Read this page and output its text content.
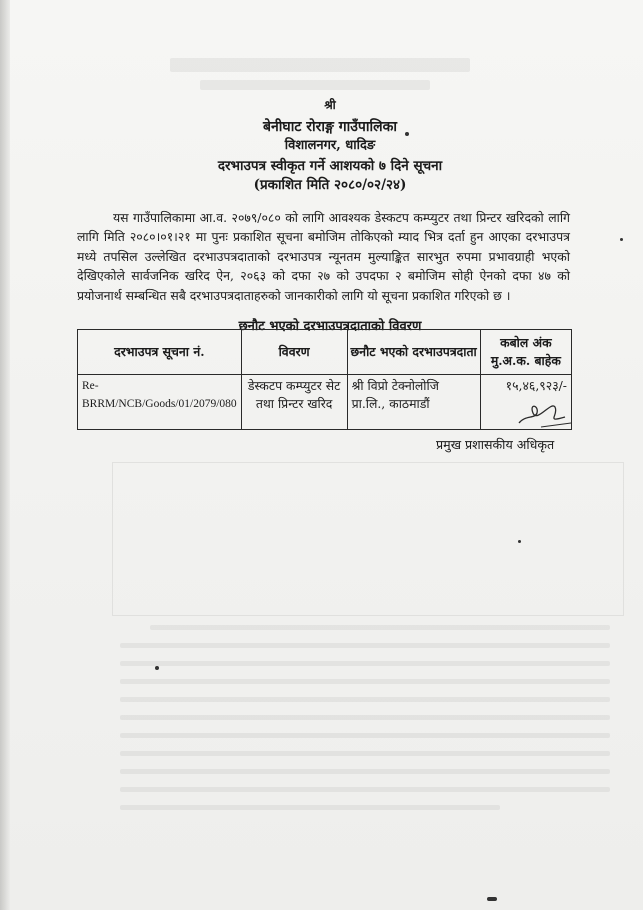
श्री
बेनीघाट रोराङ्ग गाउँपालिका
विशालनगर, धादिङ
दरभाउपत्र स्वीकृत गर्ने आशयको ७ दिने सूचना
(प्रकाशित मिति २०८०/०२/२४)
यस गाउँपालिकामा आ.व. २०७९/०८० को लागि आवश्यक डेस्कटप कम्प्युटर तथा प्रिन्टर खरिदको लागि लागि मिति २०८०।०१।२१ मा पुनः प्रकाशित सूचना बमोजिम तोकिएको म्याद भित्र दर्ता हुन आएका दरभाउपत्र मध्ये तपसिल उल्लेखित दरभाउपत्रदाताको दरभाउपत्र न्यूनतम मुल्याङ्कित सारभुत रुपमा प्रभावग्राही भएको देखिएकोले सार्वजनिक खरिद ऐन, २०६३ को दफा २७ को उपदफा २ बमोजिम सोही ऐनको दफा ४७ को प्रयोजनार्थ सम्बन्धित सबै दरभाउपत्रदाताहरुको जानकारीको लागि यो सूचना प्रकाशित गरिएको छ ।
छनौट भएको दरभाउपत्रदाताको विवरण
दरभाउपत्र सूचना नं.	विवरण	छनौट भएको दरभाउपत्रदाता	कबोल अंक मु.अ.क. बाहेक
Re-BRRM/NCB/Goods/01/2079/080	डेस्कटप कम्प्युटर सेट तथा प्रिन्टर खरिद	श्री विप्रो टेक्नोलोजि प्रा.लि., काठमाडौं	१५,४६,९२३/-
प्रमुख प्रशासकीय अधिकृत
